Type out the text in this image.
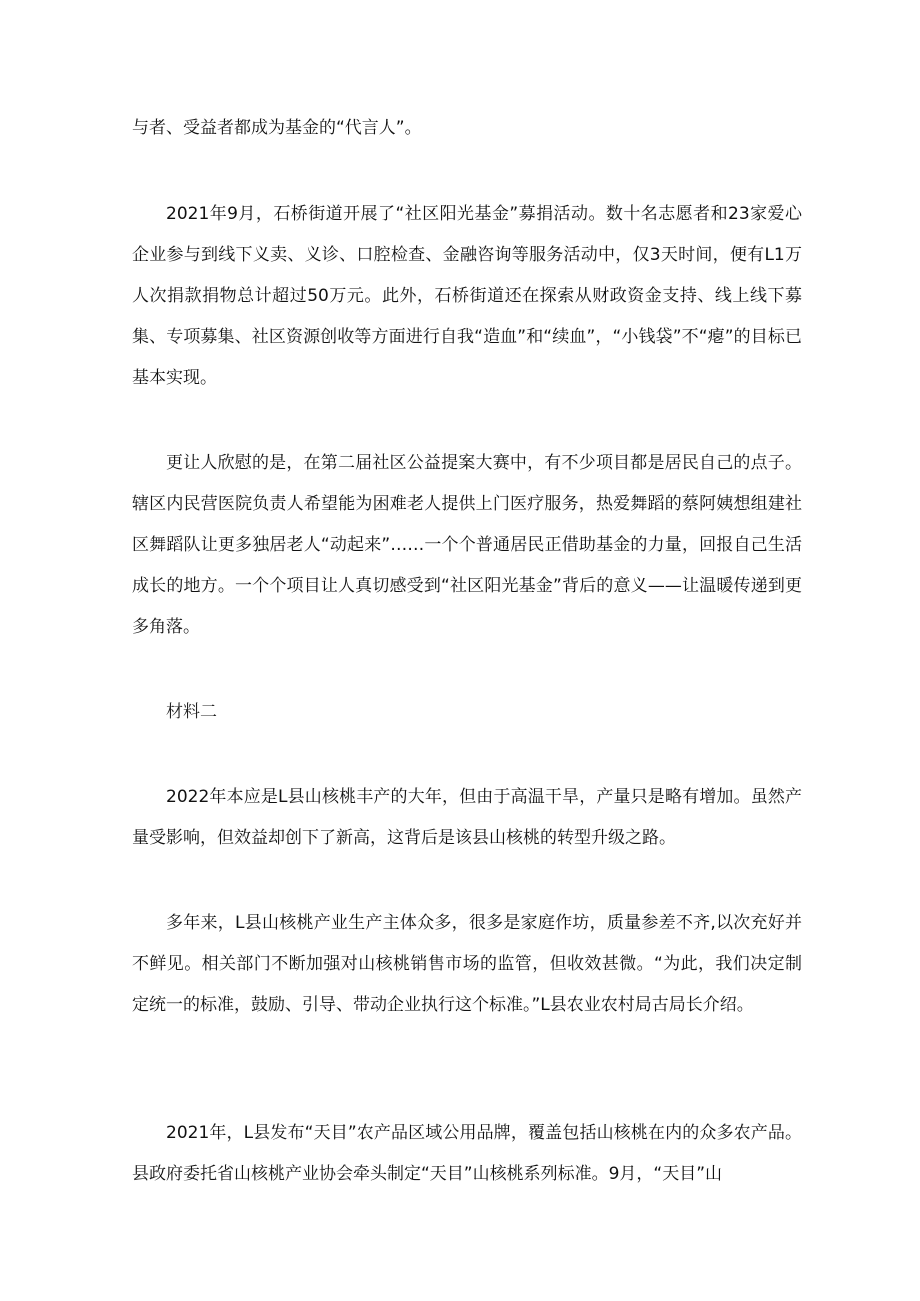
与者、受益者都成为基金的“代言人”。

2021年9月，石桥街道开展了“社区阳光基金”募捐活动。数十名志愿者和23家爱心企业参与到线下义卖、义诊、口腔检查、金融咨询等服务活动中，仅3天时间，便有L1万人次捐款捐物总计超过50万元。此外，石桥街道还在探索从财政资金支持、线上线下募集、专项募集、社区资源创收等方面进行自我“造血”和“续血”，“小钱袋”不“瘪”的目标已基本实现。

更让人欣慰的是，在第二届社区公益提案大赛中，有不少项目都是居民自己的点子。辖区内民营医院负责人希望能为困难老人提供上门医疗服务，热爱舞蹈的蔡阿姨想组建社区舞蹈队让更多独居老人“动起来”……一个个普通居民正借助基金的力量，回报自己生活成长的地方。一个个项目让人真切感受到“社区阳光基金”背后的意义——让温暖传递到更多角落。

材料二

2022年本应是L县山核桃丰产的大年，但由于高温干旱，产量只是略有增加。虽然产量受影响，但效益却创下了新高，这背后是该县山核桃的转型升级之路。

多年来，L县山核桃产业生产主体众多，很多是家庭作坊，质量参差不齐,以次充好并不鲜见。相关部门不断加强对山核桃销售市场的监管，但收效甚微。“为此，我们决定制定统一的标准，鼓励、引导、带动企业执行这个标准。”L县农业农村局古局长介绍。

2021年，L县发布“天目”农产品区域公用品牌，覆盖包括山核桃在内的众多农产品。县政府委托省山核桃产业协会牵头制定“天目”山核桃系列标准。9月，“天目”山
